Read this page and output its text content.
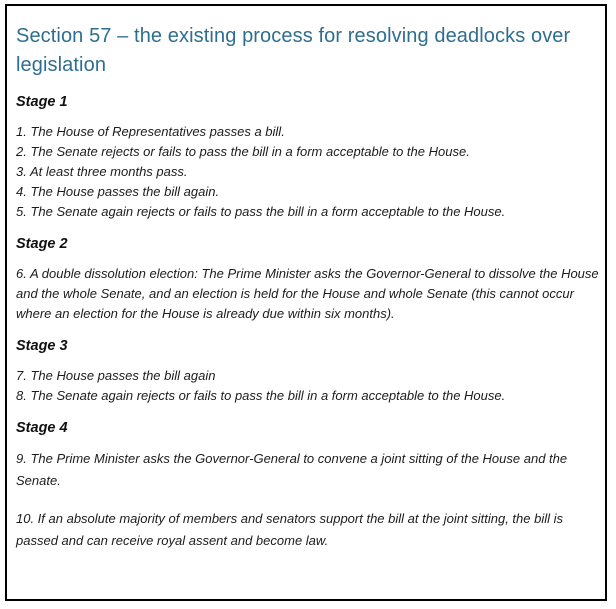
Section 57 – the existing process for resolving deadlocks over legislation
Stage 1
1. The House of Representatives passes a bill.
2. The Senate rejects or fails to pass the bill in a form acceptable to the House.
3. At least three months pass.
4. The House passes the bill again.
5. The Senate again rejects or fails to pass the bill in a form acceptable to the House.
Stage 2
6. A double dissolution election: The Prime Minister asks the Governor-General to dissolve the House and the whole Senate, and an election is held for the House and whole Senate (this cannot occur where an election for the House is already due within six months).
Stage 3
7. The House passes the bill again
8. The Senate again rejects or fails to pass the bill in a form acceptable to the House.
Stage 4
9. The Prime Minister asks the Governor-General to convene a joint sitting of the House and the Senate.
10. If an absolute majority of members and senators support the bill at the joint sitting, the bill is passed and can receive royal assent and become law.
